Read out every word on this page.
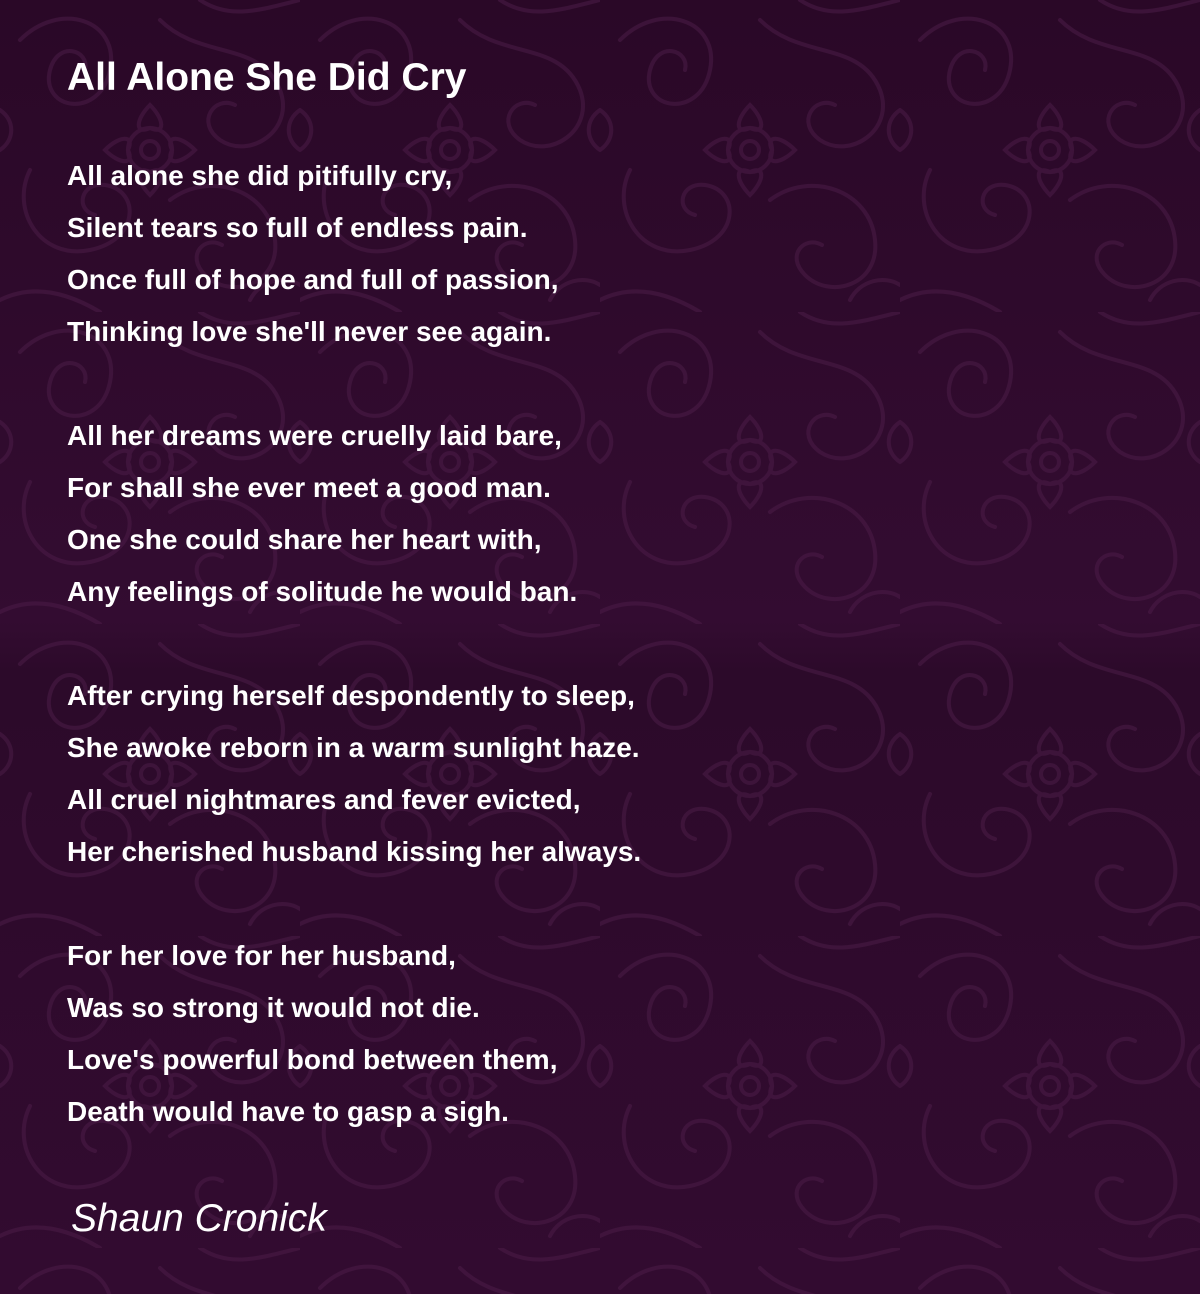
All Alone She Did Cry
All alone she did pitifully cry,
Silent tears so full of endless pain.
Once full of hope and full of passion,
Thinking love she'll never see again.
All her dreams were cruelly laid bare,
For shall she ever meet a good man.
One she could share her heart with,
Any feelings of solitude he would ban.
After crying herself despondently to sleep,
She awoke reborn in a warm sunlight haze.
All cruel nightmares and fever evicted,
Her cherished husband kissing her always.
For her love for her husband,
Was so strong it would not die.
Love's powerful bond between them,
Death would have to gasp a sigh.

Shaun Cronick
